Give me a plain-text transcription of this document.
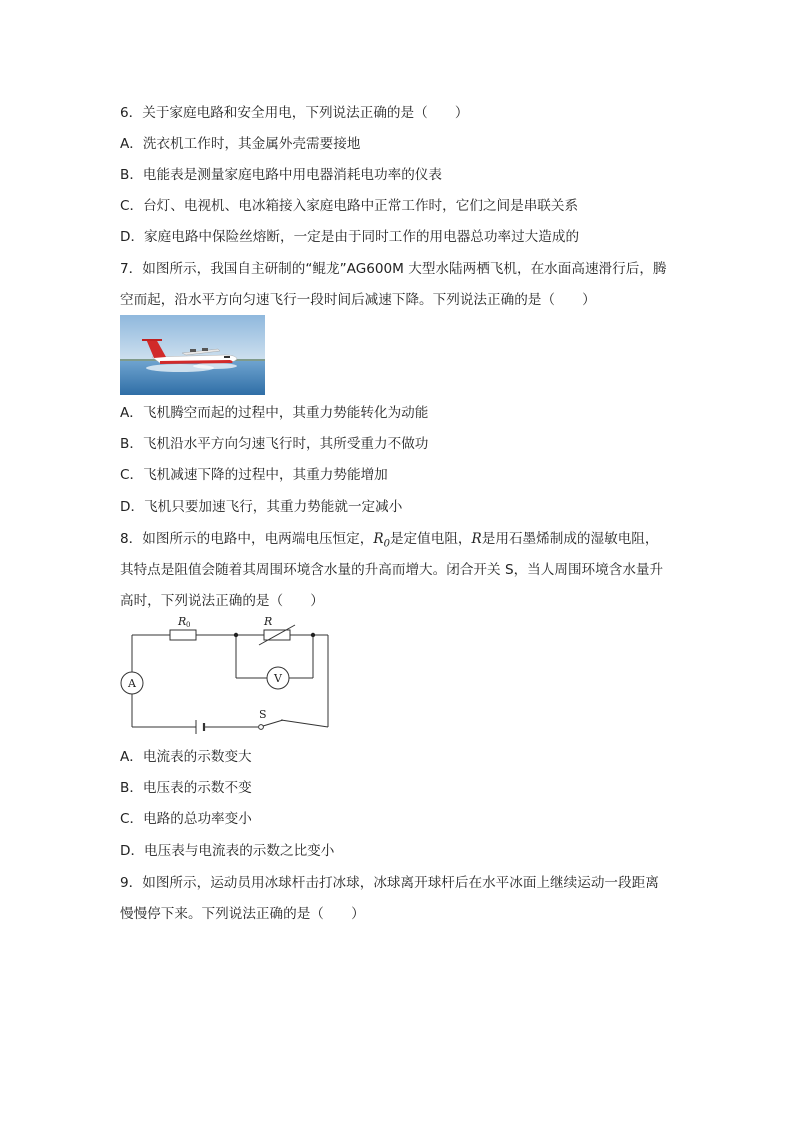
6．关于家庭电路和安全用电，下列说法正确的是（　　）
A．洗衣机工作时，其金属外壳需要接地
B．电能表是测量家庭电路中用电器消耗电功率的仪表
C．台灯、电视机、电冰箱接入家庭电路中正常工作时，它们之间是串联关系
D．家庭电路中保险丝熔断，一定是由于同时工作的用电器总功率过大造成的
7．如图所示，我国自主研制的“鲲龙”AG600M 大型水陆两栖飞机，在水面高速滑行后，腾
空而起，沿水平方向匀速飞行一段时间后减速下降。下列说法正确的是（　　）
A．飞机腾空而起的过程中，其重力势能转化为动能
B．飞机沿水平方向匀速飞行时，其所受重力不做功
C．飞机减速下降的过程中，其重力势能增加
D．飞机只要加速飞行，其重力势能就一定减小
8．如图所示的电路中，电两端电压恒定，$R_0$是定值电阻，R是用石墨烯制成的湿敏电阻，
其特点是阻值会随着其周围环境含水量的升高而增大。闭合开关 S，当人周围环境含水量升
高时，下列说法正确的是（　　）
R 0	R
A	V
S
A．电流表的示数变大
B．电压表的示数不变
C．电路的总功率变小
D．电压表与电流表的示数之比变小
9．如图所示，运动员用冰球杆击打冰球，冰球离开球杆后在水平冰面上继续运动一段距离
慢慢停下来。下列说法正确的是（　　）
